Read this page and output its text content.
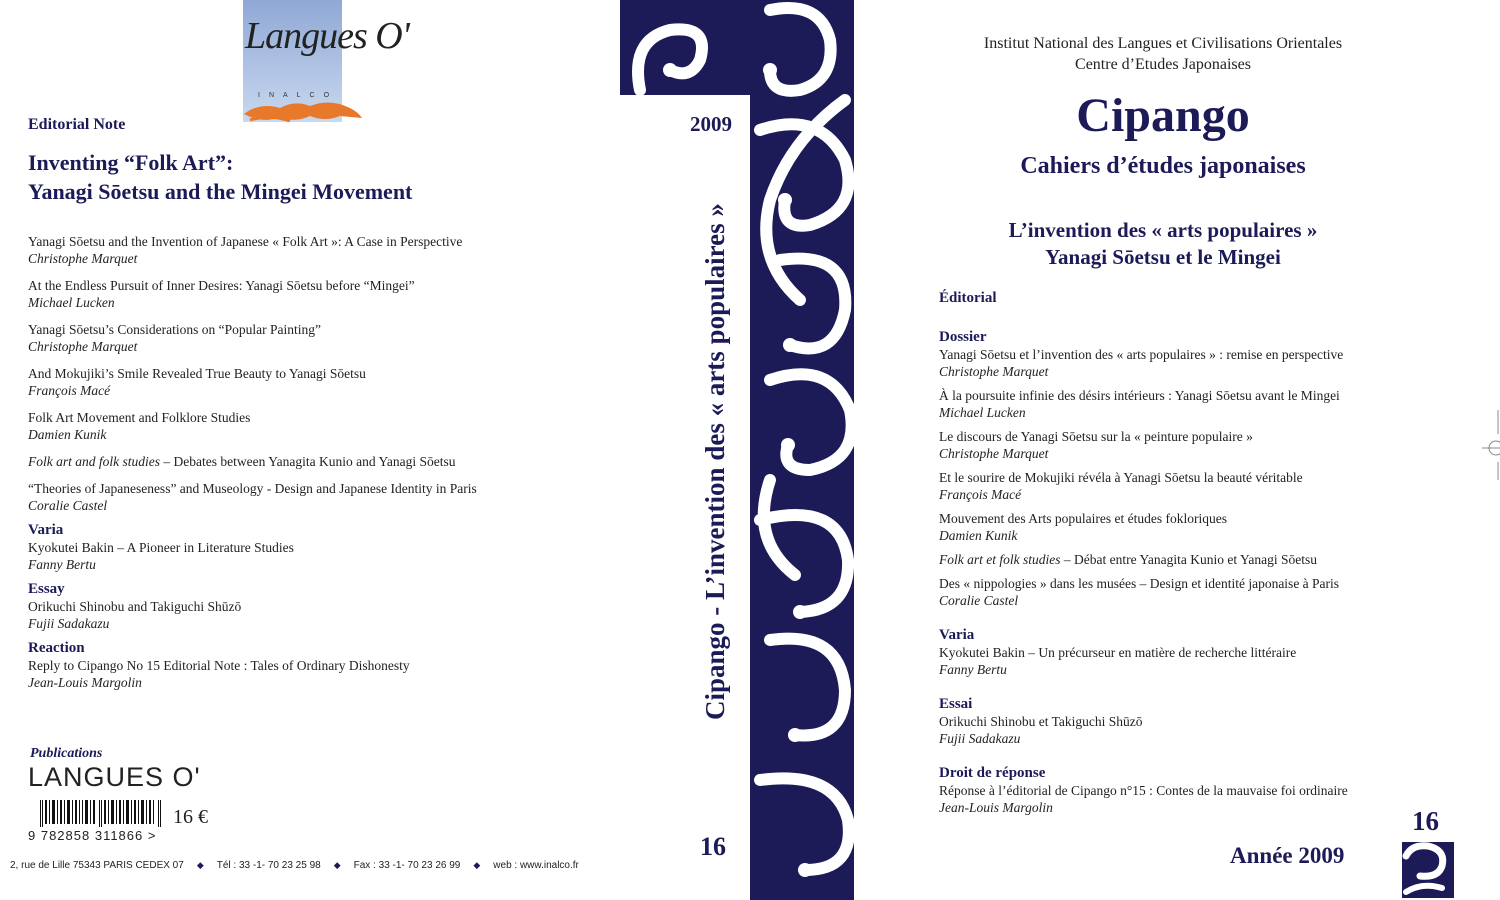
Langues O'
INALCO
Editorial Note
Inventing “Folk Art”:
Yanagi Sōetsu and the Mingei Movement
Yanagi Sōetsu and the Invention of Japanese « Folk Art »: A Case in Perspective
Christophe Marquet
At the Endless Pursuit of Inner Desires: Yanagi Sōetsu before “Mingei”
Michael Lucken
Yanagi Sōetsu’s Considerations on “Popular Painting”
Christophe Marquet
And Mokujiki’s Smile Revealed True Beauty to Yanagi Sōetsu
François Macé
Folk Art Movement and Folklore Studies
Damien Kunik
Folk art and folk studies – Debates between Yanagita Kunio and Yanagi Sōetsu
“Theories of Japaneseness” and Museology - Design and Japanese Identity in Paris
Coralie Castel
Varia
Kyokutei Bakin – A Pioneer in Literature Studies
Fanny Bertu
Essay
Orikuchi Shinobu and Takiguchi Shūzō
Fujii Sadakazu
Reaction
Reply to Cipango No 15 Editorial Note : Tales of Ordinary Dishonesty
Jean-Louis Margolin
Publications
LANGUES O'
9 782858 311866 >
16 €
2, rue de Lille 75343 PARIS CEDEX 07 ◆ Tél : 33 -1- 70 23 25 98 ◆ Fax : 33 -1- 70 23 26 99 ◆ web : www.inalco.fr
2009
Cipango - L’invention des « arts populaires »
16
Institut National des Langues et Civilisations Orientales
Centre d’Etudes Japonaises
Cipango
Cahiers d’études japonaises
L’invention des « arts populaires »
Yanagi Sōetsu et le Mingei
Éditorial
Dossier
Yanagi Sōetsu et l’invention des « arts populaires » : remise en perspective
Christophe Marquet
À la poursuite infinie des désirs intérieurs : Yanagi Sōetsu avant le Mingei
Michael Lucken
Le discours de Yanagi Sōetsu sur la « peinture populaire »
Christophe Marquet
Et le sourire de Mokujiki révéla à Yanagi Sōetsu la beauté véritable
François Macé
Mouvement des Arts populaires et études fokloriques
Damien Kunik
Folk art et folk studies – Débat entre Yanagita Kunio et Yanagi Sōetsu
Des « nippologies » dans les musées – Design et identité japonaise à Paris
Coralie Castel
Varia
Kyokutei Bakin – Un précurseur en matière de recherche littéraire
Fanny Bertu
Essai
Orikuchi Shinobu et Takiguchi Shūzō
Fujii Sadakazu
Droit de réponse
Réponse à l’éditorial de Cipango n°15 : Contes de la mauvaise foi ordinaire
Jean-Louis Margolin	16
Année 2009
